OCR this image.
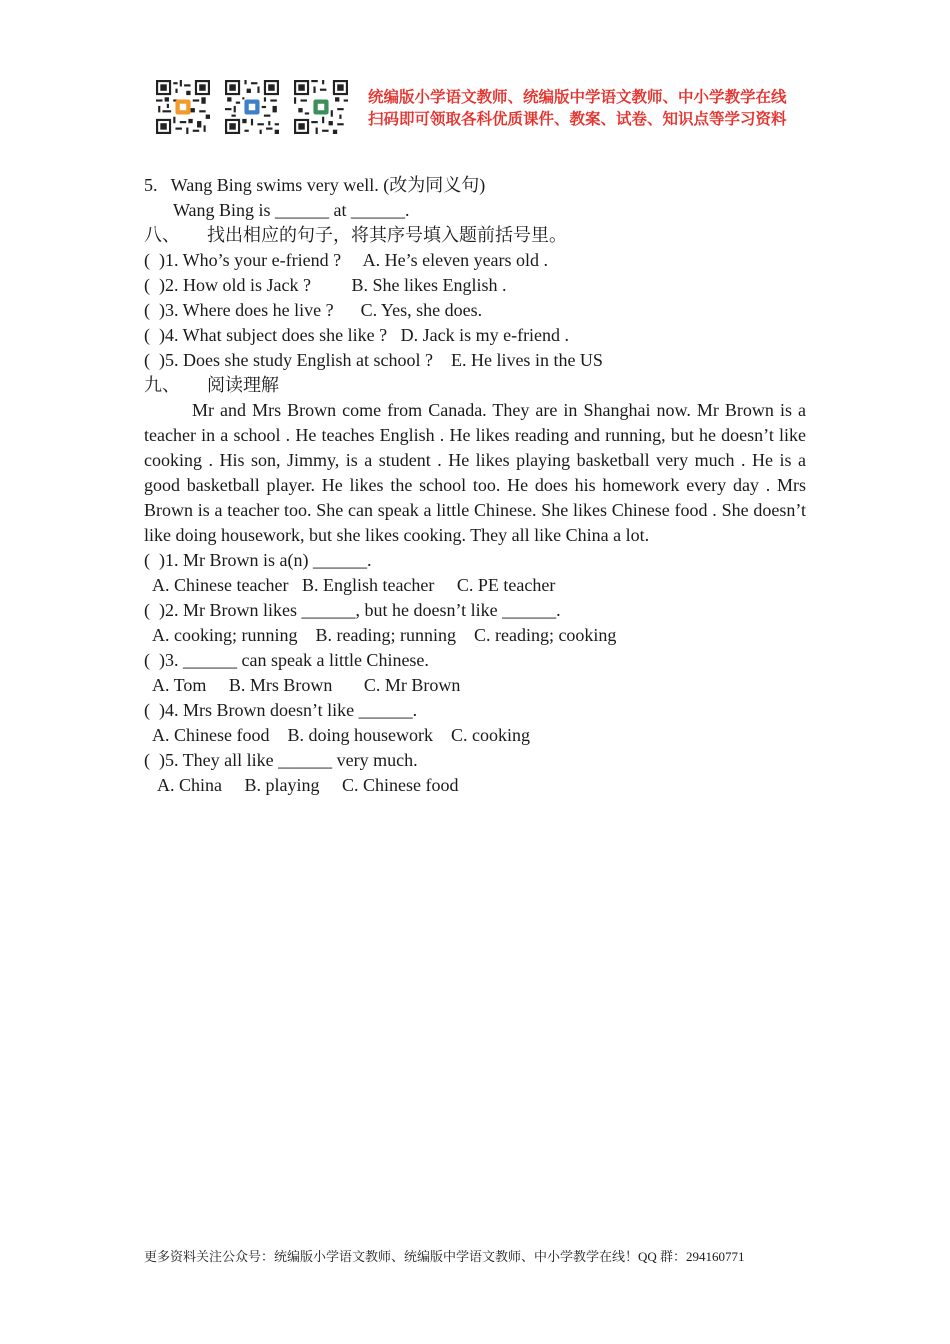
统编版小学语文教师、统编版中学语文教师、中小学教学在线
扫码即可领取各科优质课件、教案、试卷、知识点等学习资料
5.   Wang Bing swims very well. (改为同义句)
Wang Bing is ______ at ______.
八、      找出相应的句子，将其序号填入题前括号里。
(  )1. Who’s your e-friend ?     A. He’s eleven years old .
(  )2. How old is Jack ?         B. She likes English .
(  )3. Where does he live ?      C. Yes, she does.
(  )4. What subject does she like ?   D. Jack is my e-friend .
(  )5. Does she study English at school ?    E. He lives in the US
九、      阅读理解
Mr and Mrs Brown come from Canada. They are in Shanghai now. Mr Brown is a teacher in a school . He teaches English . He likes reading and running, but he doesn’t like cooking . His son, Jimmy, is a student . He likes playing basketball very much . He is a good basketball player. He likes the school too. He does his homework every day . Mrs Brown is a teacher too. She can speak a little Chinese. She likes Chinese food . She doesn’t like doing housework, but she likes cooking. They all like China a lot.
(  )1. Mr Brown is a(n) ______.
A. Chinese teacher   B. English teacher     C. PE teacher
(  )2. Mr Brown likes ______, but he doesn’t like ______.
A. cooking; running    B. reading; running    C. reading; cooking
(  )3. ______ can speak a little Chinese.
A. Tom     B. Mrs Brown       C. Mr Brown
(  )4. Mrs Brown doesn’t like ______.
A. Chinese food    B. doing housework    C. cooking
(  )5. They all like ______ very much.
A. China     B. playing     C. Chinese food
更多资料关注公众号：统编版小学语文教师、统编版中学语文教师、中小学教学在线！QQ 群：294160771
